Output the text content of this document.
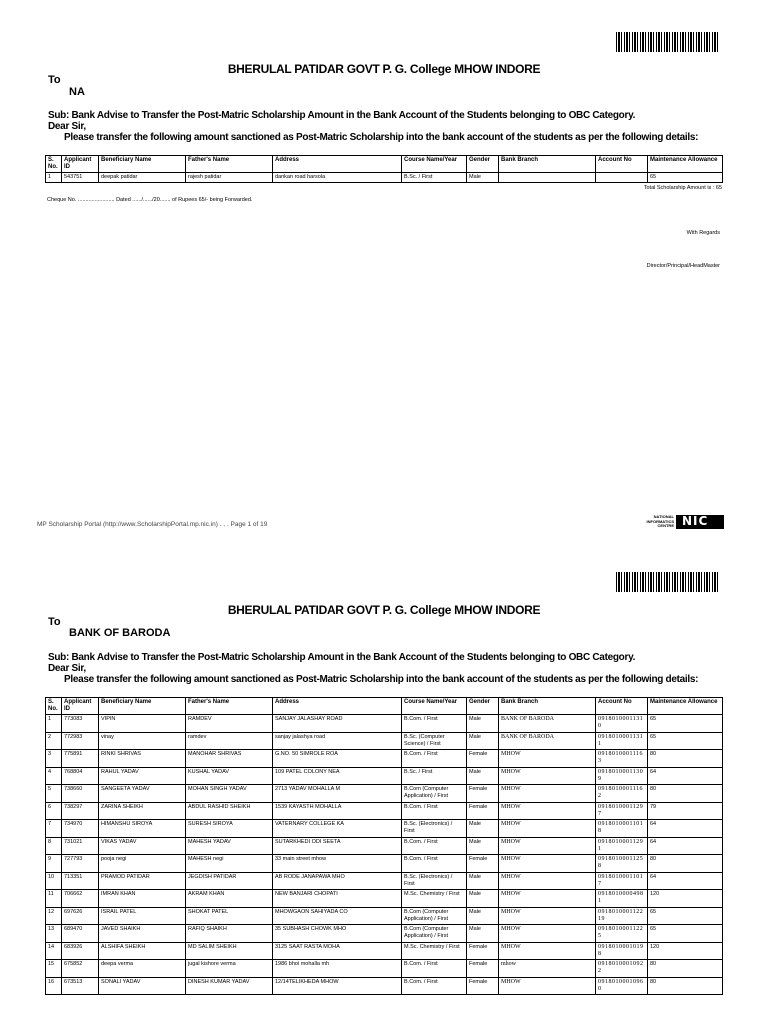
BHERULAL PATIDAR GOVT P. G. College MHOW INDORE
To
NA
Sub: Bank Advise to Transfer the Post-Matric Scholarship Amount in the Bank Account of the Students belonging to OBC Category.
Dear Sir,
Please transfer the following amount sanctioned as Post-Matric Scholarship into the bank account of the students as per the following details:
S. No.	Applicant ID	Beneficiary Name	Father's Name	Address	Course Name/Year	Gender	Bank Branch	Account No	Maintenance Allowance
1	543751	deepak patidar	rajesh patidar	dankan road harsola	B.Sc. / First	Male			65
Total Scholarship Amount is : 65
Cheque No. ........................ Dated ....../....../20....... of Rupees 65/- being Forwarded.
With Regards
Director/Principal/HeadMaster
MP Scholarship Portal (http://www.ScholarshipPortal.mp.nic.in) . , . Page 1 of 19
NATIONAL INFORMATICS CENTRE NIC
BHERULAL PATIDAR GOVT P. G. College MHOW INDORE
To
BANK OF BARODA
Sub: Bank Advise to Transfer the Post-Matric Scholarship Amount in the Bank Account of the Students belonging to OBC Category.
Dear Sir,
Please transfer the following amount sanctioned as Post-Matric Scholarship into the bank account of the students as per the following details:
S. No.	Applicant ID	Beneficiary Name	Father's Name	Address	Course Name/Year	Gender	Bank Branch	Account No	Maintenance Allowance
1	773083	VIPIN	RAMDEV	SANJAY JALASHAY ROAD	B.Com. / First	Male	BANK OF BARODA	0918010001131 0	65
2	772983	vinay	ramdev	sanjay jalashya road	B.Sc. (Computer Science) / First	Male	BANK OF BARODA	0918010001131 1	65
3	775891	RINKI SHRIVAS	MANOHAR SHRIVAS	G.NO. 50 SIMROLE ROA	B.Com. / First	Female	MHOW	0918010001116 3	80
4	768804	RAHUL YADAV	KUSHAL YADAV	109 PATEL COLONY NEA	B.Sc. / First	Male	MHOW	0918010001130 9	64
5	738660	SANGEETA YADAV	MOHAN SINGH YADAV	2713 YADAV MOHALLA M	B.Com (Computer Application) / First	Female	MHOW	0918010001116 2	80
6	738297	ZARINA SHEIKH	ABDUL RASHID SHEIKH	1539 KAYASTH MOHALLA	B.Com. / First	Female	MHOW	0918010001129 7	79
7	734970	HIMANSHU SIROYA	SURESH SIROYA	VATERNARY COLLEGE KA	B.Sc. (Electronics) / First	Male	MHOW	0918010001101 8	64
8	731021	VIKAS YADAV	MAHESH YADAV	SUTARKHEDI ODI SEETA	B.Com. / First	Male	MHOW	0918010001129 1	64
9	727793	pooja negi	MAHESH negi	33 main street mhow	B.Com. / First	Female	MHOW	0918010001125 8	80
10	713351	PRAMOD PATIDAR	JEGDISH PATIDAR	AB RODE JANAPAWA MHO	B.Sc. (Electronics) / First	Male	MHOW	0918010001101 7	64
11	706662	IMRAN KHAN	AKRAM KHAN	NEW BANJARI CHOPATI	M.Sc. Chemistry / First	Male	MHOW	0918010000498 1	120
12	697626	ISRAIL PATEL	SHOKAT PATEL	MHOWGAON SAHIYADA CO	B.Com (Computer Application) / First	Male	MHOW	0918010001122 19	65
13	689470	JAVED SHAIKH	RAFIQ SHAIKH	35 SUBHASH CHOWK MHO	B.Com (Computer Application) / First	Male	MHOW	0918010001122 5	65
14	683926	ALSHIFA SHEIKH	MD SALIM SHEIKH	3125 SAAT RASTA MOHA	M.Sc. Chemistry / First	Female	MHOW	0918010001019 8	120
15	675852	deepa verma	jugal kishore verma	1986 bhoi mohalla mh	B.Com. / First	Female	mhow	0918010001092 2	80
16	673513	SONALI YADAV	DINESH KUMAR YADAV	12/14TELIKHEDA MHOW	B.Com. / First	Female	MHOW	0918010001096 0	80
